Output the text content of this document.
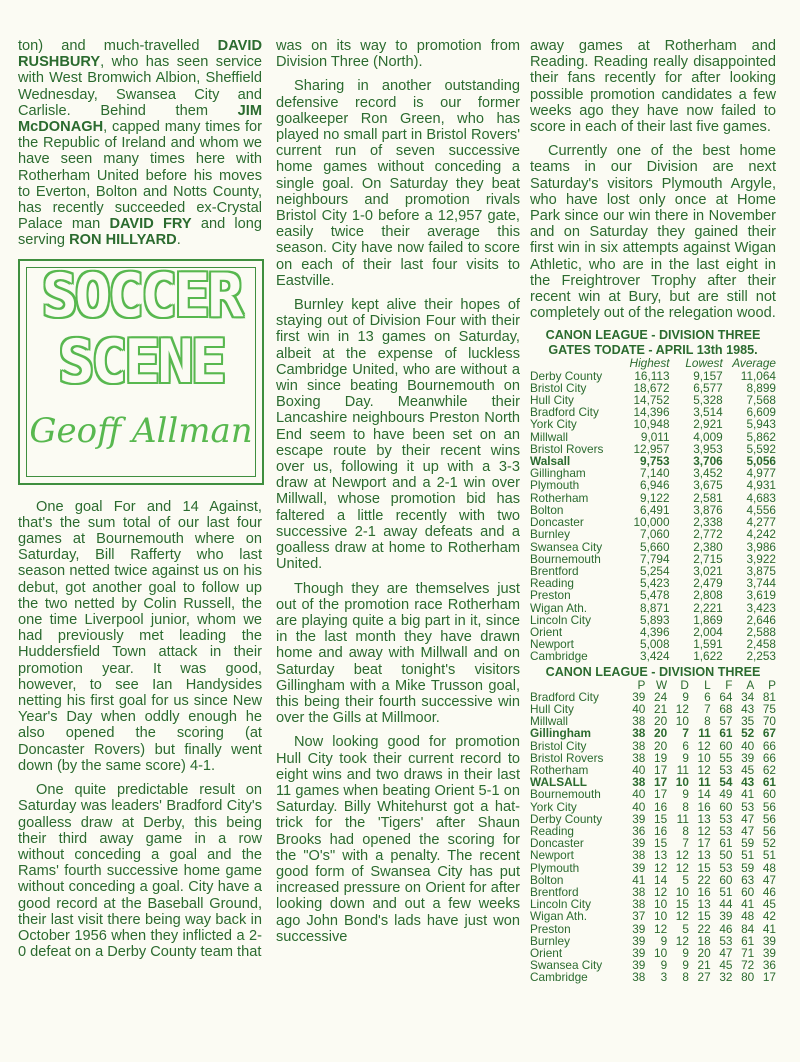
ton) and much-travelled DAVID RUSHBURY, who has seen service with West Bromwich Albion, Sheffield Wednesday, Swansea City and Carlisle. Behind them JIM McDONAGH, capped many times for the Republic of Ireland and whom we have seen many times here with Rotherham United before his moves to Everton, Bolton and Notts County, has recently succeeded ex-Crystal Palace man DAVID FRY and long serving RON HILLYARD.

SOCCER
SCENE
Geoff Allman

One goal For and 14 Against, that's the sum total of our last four games at Bournemouth where on Saturday, Bill Rafferty who last season netted twice against us on his debut, got another goal to follow up the two netted by Colin Russell, the one time Liverpool junior, whom we had previously met leading the Huddersfield Town attack in their promotion year. It was good, however, to see Ian Handysides netting his first goal for us since New Year's Day when oddly enough he also opened the scoring (at Doncaster Rovers) but finally went down (by the same score) 4-1.

One quite predictable result on Saturday was leaders' Bradford City's goalless draw at Derby, this being their third away game in a row without conceding a goal and the Rams' fourth successive home game without conceding a goal. City have a good record at the Baseball Ground, their last visit there being way back in October 1956 when they inflicted a 2-0 defeat on a Derby County team that

was on its way to promotion from Division Three (North).

Sharing in another outstanding defensive record is our former goalkeeper Ron Green, who has played no small part in Bristol Rovers' current run of seven successive home games without conceding a single goal. On Saturday they beat neighbours and promotion rivals Bristol City 1-0 before a 12,957 gate, easily twice their average this season. City have now failed to score on each of their last four visits to Eastville.

Burnley kept alive their hopes of staying out of Division Four with their first win in 13 games on Saturday, albeit at the expense of luckless Cambridge United, who are without a win since beating Bournemouth on Boxing Day. Meanwhile their Lancashire neighbours Preston North End seem to have been set on an escape route by their recent wins over us, following it up with a 3-3 draw at Newport and a 2-1 win over Millwall, whose promotion bid has faltered a little recently with two successive 2-1 away defeats and a goalless draw at home to Rotherham United.

Though they are themselves just out of the promotion race Rotherham are playing quite a big part in it, since in the last month they have drawn home and away with Millwall and on Saturday beat tonight's visitors Gillingham with a Mike Trusson goal, this being their fourth successive win over the Gills at Millmoor.

Now looking good for promotion Hull City took their current record to eight wins and two draws in their last 11 games when beating Orient 5-1 on Saturday. Billy Whitehurst got a hat-trick for the 'Tigers' after Shaun Brooks had opened the scoring for the "O's" with a penalty. The recent good form of Swansea City has put increased pressure on Orient for after looking down and out a few weeks ago John Bond's lads have just won successive

away games at Rotherham and Reading. Reading really disappointed their fans recently for after looking possible promotion candidates a few weeks ago they have now failed to score in each of their last five games.

Currently one of the best home teams in our Division are next Saturday's visitors Plymouth Argyle, who have lost only once at Home Park since our win there in November and on Saturday they gained their first win in six attempts against Wigan Athletic, who are in the last eight in the Freightrover Trophy after their recent win at Bury, but are still not completely out of the relegation wood.

CANON LEAGUE - DIVISION THREE
GATES TODATE - APRIL 13th 1985.
	Highest	Lowest	Average
Derby County	16,113	9,157	11,064
Bristol City	18,672	6,577	8,899
Hull City	14,752	5,328	7,568
Bradford City	14,396	3,514	6,609
York City	10,948	2,921	5,943
Millwall	9,011	4,009	5,862
Bristol Rovers	12,957	3,953	5,592
Walsall	9,753	3,706	5,056
Gillingham	7,140	3,452	4,977
Plymouth	6,946	3,675	4,931
Rotherham	9,122	2,581	4,683
Bolton	6,491	3,876	4,556
Doncaster	10,000	2,338	4,277
Burnley	7,060	2,772	4,242
Swansea City	5,660	2,380	3,986
Bournemouth	7,794	2,715	3,922
Brentford	5,254	3,021	3,875
Reading	5,423	2,479	3,744
Preston	5,478	2,808	3,619
Wigan Ath.	8,871	2,221	3,423
Lincoln City	5,893	1,869	2,646
Orient	4,396	2,004	2,588
Newport	5,008	1,591	2,458
Cambridge	3,424	1,622	2,253
CANON LEAGUE - DIVISION THREE
	P	W	D	L	F	A	P
Bradford City	39	24	9	6	64	34	81
Hull City	40	21	12	7	68	43	75
Millwall	38	20	10	8	57	35	70
Gillingham	38	20	7	11	61	52	67
Bristol City	38	20	6	12	60	40	66
Bristol Rovers	38	19	9	10	55	39	66
Rotherham	40	17	11	12	53	45	62
WALSALL	38	17	10	11	54	43	61
Bournemouth	40	17	9	14	49	41	60
York City	40	16	8	16	60	53	56
Derby County	39	15	11	13	53	47	56
Reading	36	16	8	12	53	47	56
Doncaster	39	15	7	17	61	59	52
Newport	38	13	12	13	50	51	51
Plymouth	39	12	12	15	53	59	48
Bolton	41	14	5	22	60	63	47
Brentford	38	12	10	16	51	60	46
Lincoln City	38	10	15	13	44	41	45
Wigan Ath.	37	10	12	15	39	48	42
Preston	39	12	5	22	46	84	41
Burnley	39	9	12	18	53	61	39
Orient	39	10	9	20	47	71	39
Swansea City	39	9	9	21	45	72	36
Cambridge	38	3	8	27	32	80	17
